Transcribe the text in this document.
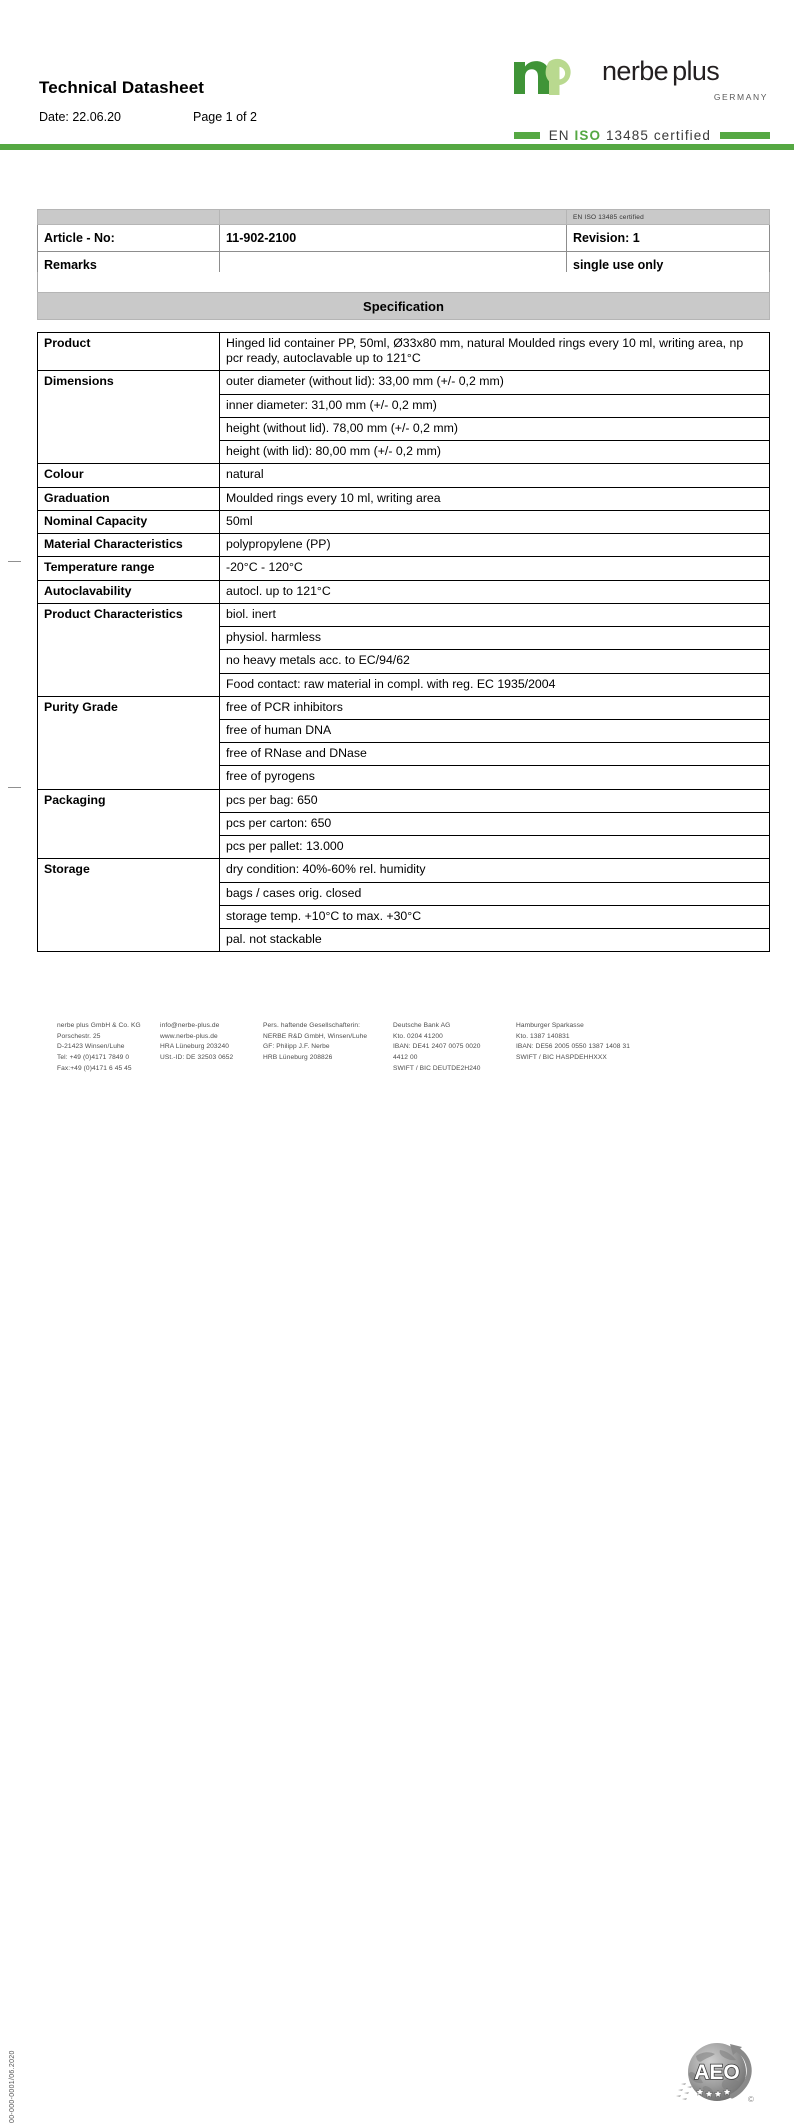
Technical Datasheet
Date: 22.06.20	Page 1 of 2
nerbe plus
GERMANY
EN ISO 13485 certified
		EN ISO 13485 certified
Article - No:	11-902-2100	Revision: 1
Remarks		single use only
Specification
Product	Hinged lid container PP, 50ml, Ø33x80 mm, natural Moulded rings every 10 ml, writing area, np pcr ready, autoclavable up to 121°C
Dimensions	outer diameter (without lid): 33,00 mm (+/- 0,2 mm)
	inner diameter: 31,00 mm (+/- 0,2 mm)
	height (without lid). 78,00 mm (+/- 0,2 mm)
	height (with lid): 80,00 mm (+/- 0,2 mm)
Colour	natural
Graduation	Moulded rings every 10 ml, writing area
Nominal Capacity	50ml
Material Characteristics	polypropylene (PP)
Temperature range	-20°C - 120°C
Autoclavability	autocl. up to 121°C
Product Characteristics	biol. inert
	physiol. harmless
	no heavy metals acc. to EC/94/62
	Food contact: raw material in compl. with reg. EC 1935/2004
Purity Grade	free of PCR inhibitors
	free of human DNA
	free of RNase and DNase
	free of pyrogens
Packaging	pcs per bag: 650
	pcs per carton: 650
	pcs per pallet: 13.000
Storage	dry condition: 40%-60% rel. humidity
	bags / cases orig. closed
	storage temp. +10°C to max. +30°C
	pal. not stackable
nerbe plus GmbH & Co. KG
Porschestr. 25
D-21423 Winsen/Luhe
Tel: +49 (0)4171 7849 0
Fax:+49 (0)4171 6 45 45
info@nerbe-plus.de
www.nerbe-plus.de
HRA Lüneburg 203240
USt.-ID: DE 32503 0652
Pers. haftende Gesellschafterin:
NERBE R&D GmbH, Winsen/Luhe
GF: Philipp J.F. Nerbe
HRB Lüneburg 208826
Deutsche Bank AG
Kto. 0204 41200
IBAN: DE41 2407 0075 0020
4412 00
SWIFT / BIC DEUTDE2H240
Hamburger Sparkasse
Kto. 1387 140831
IBAN: DE56 2005 0550 1387 1408 31
SWIFT / BIC HASPDEHHXXX
AEO
©
00-000-0001/06.2020
